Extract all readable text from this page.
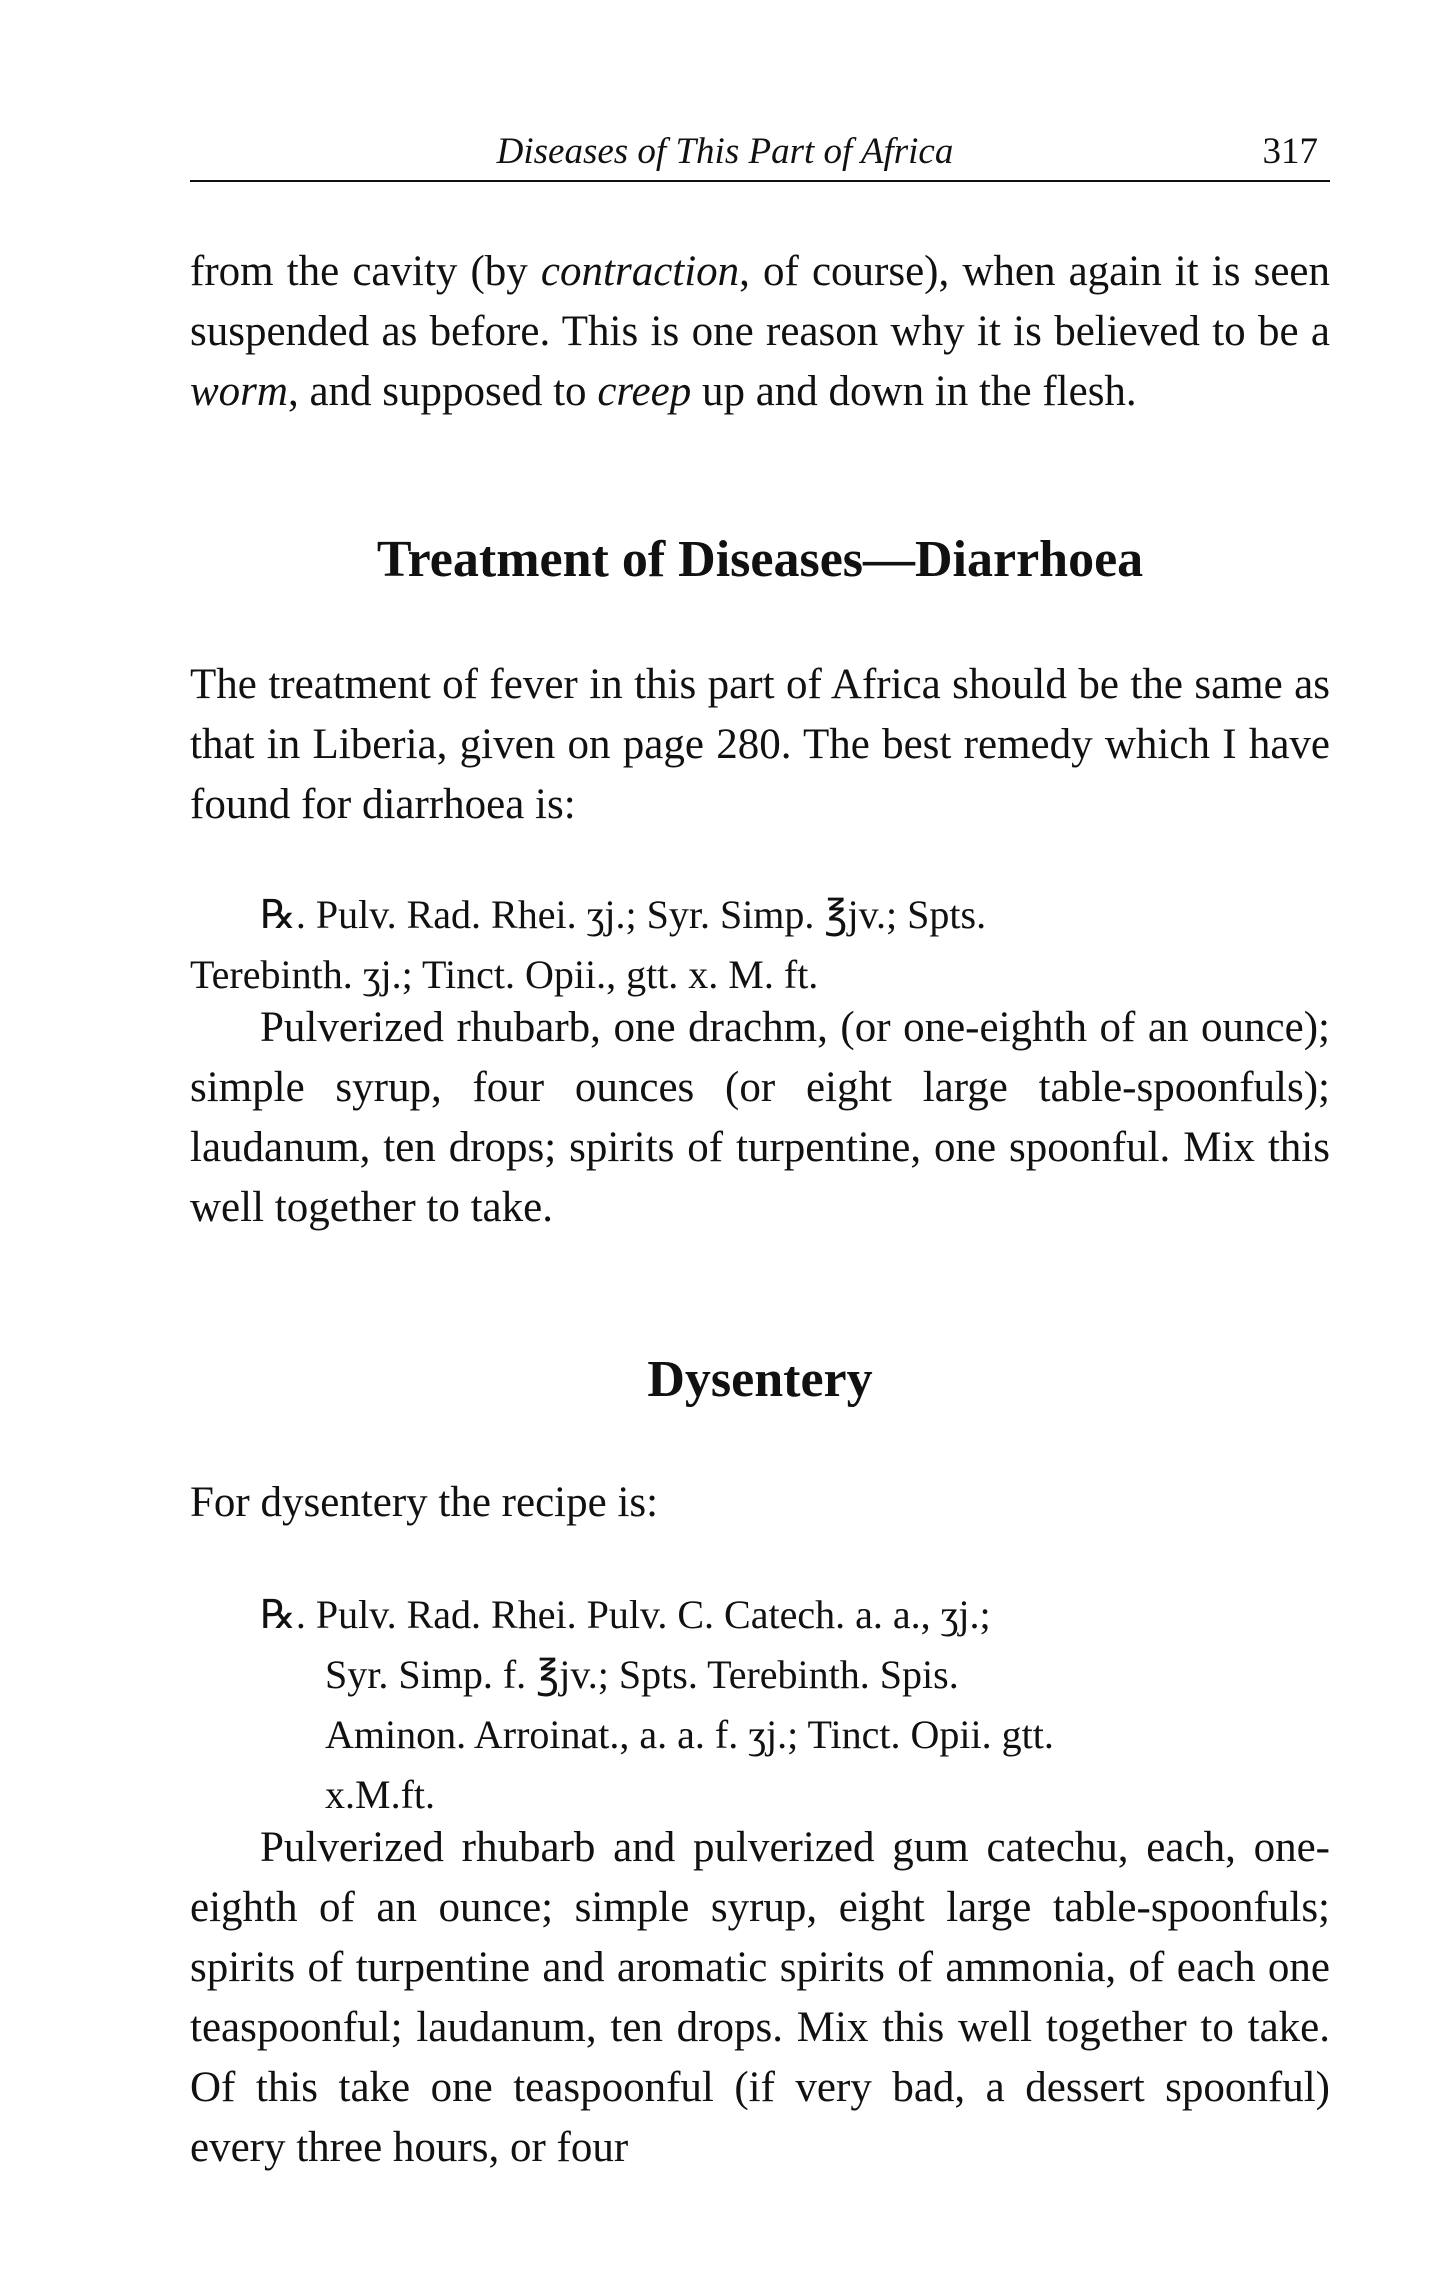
Diseases of This Part of Africa	317

from the cavity (by contraction, of course), when again it is seen suspended as before. This is one reason why it is believed to be a worm, and supposed to creep up and down in the flesh.

Treatment of Diseases—Diarrhoea

The treatment of fever in this part of Africa should be the same as that in Liberia, given on page 280. The best remedy which I have found for diarrhoea is:

℞. Pulv. Rad. Rhei. ʒj.; Syr. Simp. ℥jv.; Spts.
Terebinth. ʒj.; Tinct. Opii., gtt. x. M. ft.

Pulverized rhubarb, one drachm, (or one-eighth of an ounce); simple syrup, four ounces (or eight large table-spoonfuls); laudanum, ten drops; spirits of turpentine, one spoonful. Mix this well together to take.

Dysentery

For dysentery the recipe is:

℞. Pulv. Rad. Rhei. Pulv. C. Catech. a. a., ʒj.;
Syr. Simp. f. ℥jv.; Spts. Terebinth. Spis.
Aminon. Arroinat., a. a. f. ʒj.; Tinct. Opii. gtt.
x.M.ft.

Pulverized rhubarb and pulverized gum catechu, each, one-eighth of an ounce; simple syrup, eight large table-spoonfuls; spirits of turpentine and aromatic spirits of ammonia, of each one teaspoonful; laudanum, ten drops. Mix this well together to take. Of this take one teaspoonful (if very bad, a dessert spoonful) every three hours, or four
